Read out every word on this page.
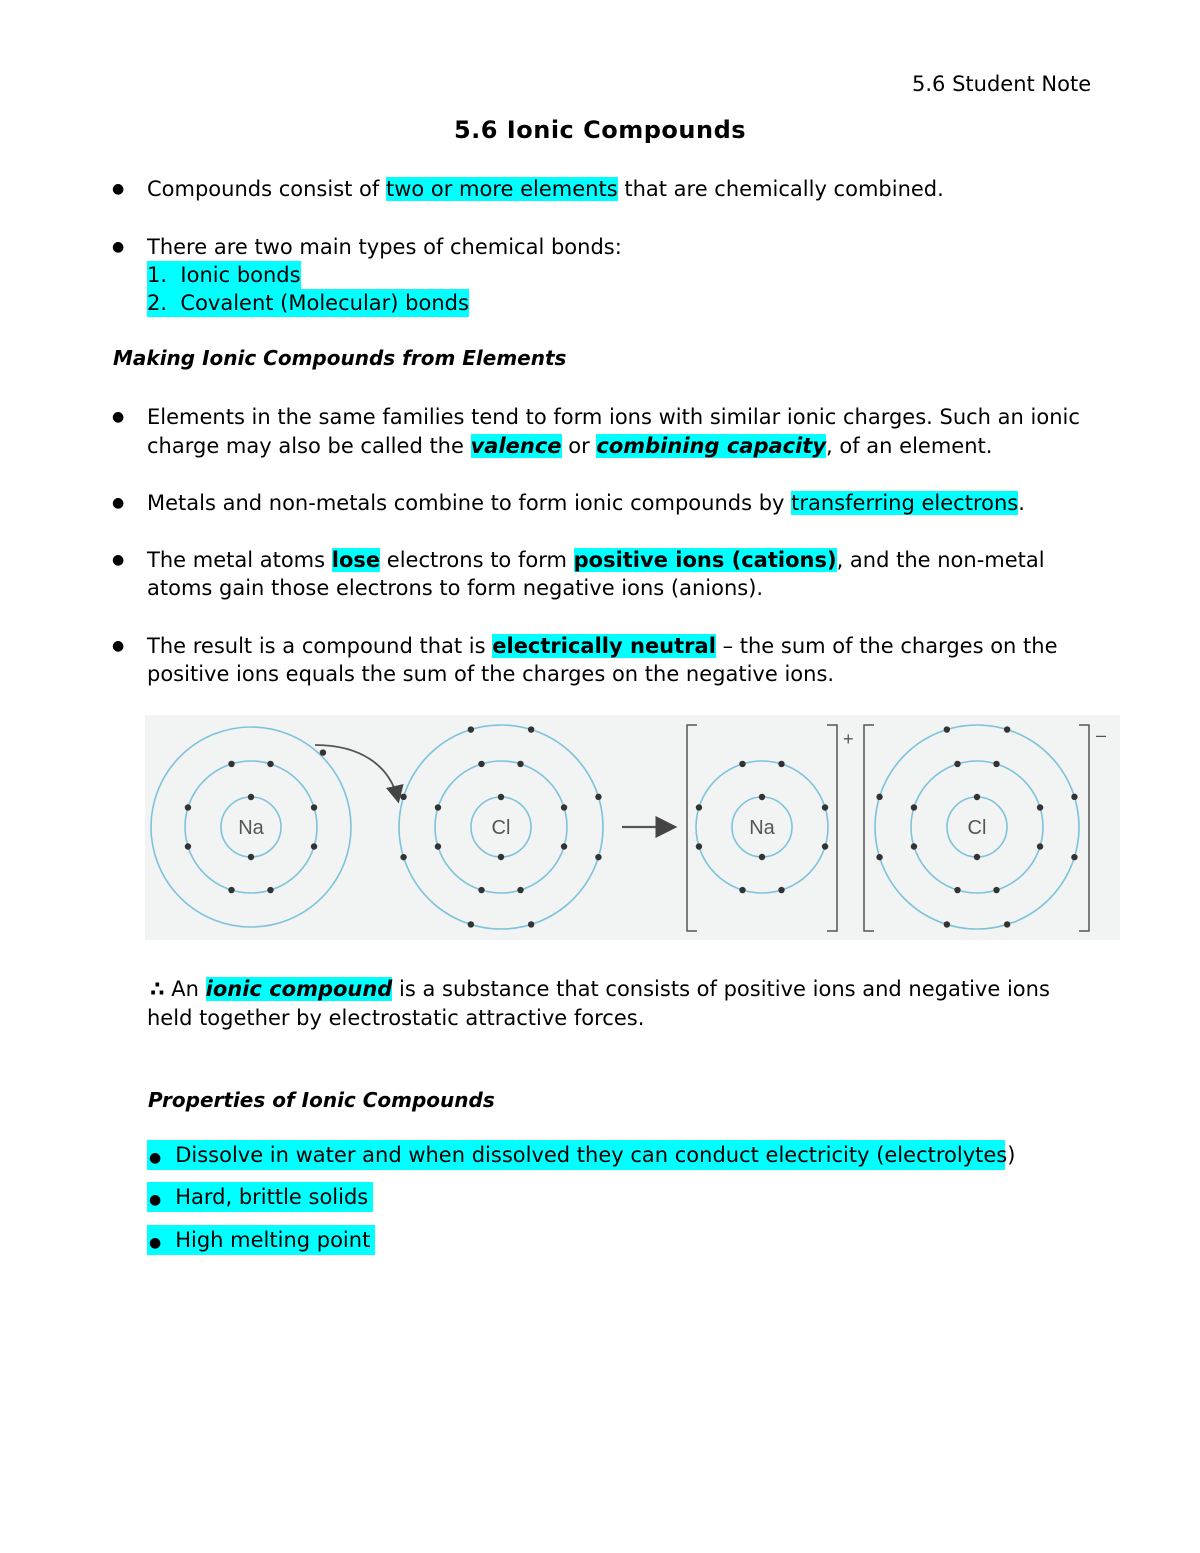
5.6 Student Note
5.6 Ionic Compounds
● Compounds consist of two or more elements that are chemically combined.
● There are two main types of chemical bonds:
1. Ionic bonds
2. Covalent (Molecular) bonds
Making Ionic Compounds from Elements
● Elements in the same families tend to form ions with similar ionic charges. Such an ionic
charge may also be called the valence or combining capacity, of an element.
● Metals and non-metals combine to form ionic compounds by transferring electrons.
● The metal atoms lose electrons to form positive ions (cations), and the non-metal
atoms gain those electrons to form negative ions (anions).
● The result is a compound that is electrically neutral – the sum of the charges on the
positive ions equals the sum of the charges on the negative ions.
Na	Cl	Na	Cl
+	–
∴ An ionic compound is a substance that consists of positive ions and negative ions
held together by electrostatic attractive forces.
Properties of Ionic Compounds
● Dissolve in water and when dissolved they can conduct electricity (electrolytes)
● Hard, brittle solids
● High melting point
